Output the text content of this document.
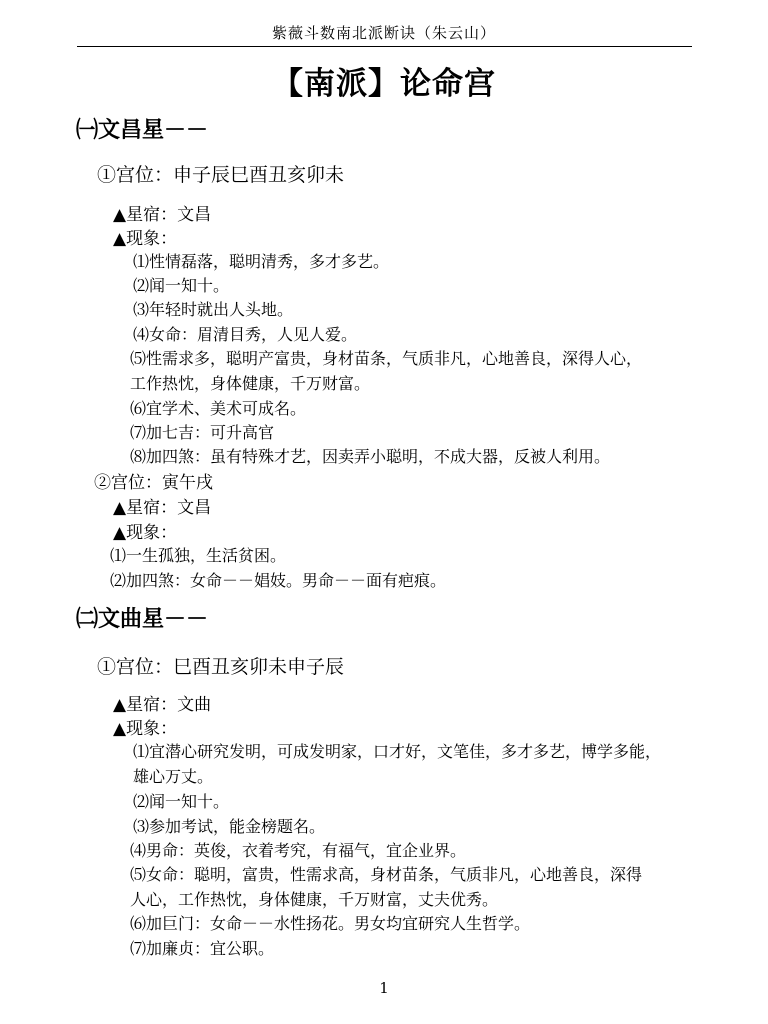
紫薇斗数南北派断诀（朱云山）
【南派】论命宫
㈠文昌星－－
①宫位：申子辰巳酉丑亥卯未
▲星宿：文昌
▲现象：
⑴性情磊落，聪明清秀，多才多艺。
⑵闻一知十。
⑶年轻时就出人头地。
⑷女命：眉清目秀，人见人爱。
⑸性需求多，聪明产富贵，身材苗条，气质非凡，心地善良，深得人心，
工作热忱，身体健康，千万财富。
⑹宜学术、美术可成名。
⑺加七吉：可升高官
⑻加四煞：虽有特殊才艺，因卖弄小聪明，不成大器，反被人利用。
②宫位：寅午戌
▲星宿：文昌
▲现象：
⑴一生孤独，生活贫困。
⑵加四煞：女命－－娼妓。男命－－面有疤痕。
㈡文曲星－－
①宫位：巳酉丑亥卯未申子辰
▲星宿：文曲
▲现象：
⑴宜潜心研究发明，可成发明家，口才好，文笔佳，多才多艺，博学多能，
雄心万丈。
⑵闻一知十。
⑶参加考试，能金榜题名。
⑷男命：英俊，衣着考究，有福气，宜企业界。
⑸女命：聪明，富贵，性需求高，身材苗条，气质非凡，心地善良，深得
人心，工作热忱，身体健康，千万财富，丈夫优秀。
⑹加巨门：女命－－水性扬花。男女均宜研究人生哲学。
⑺加廉贞：宜公职。
1
